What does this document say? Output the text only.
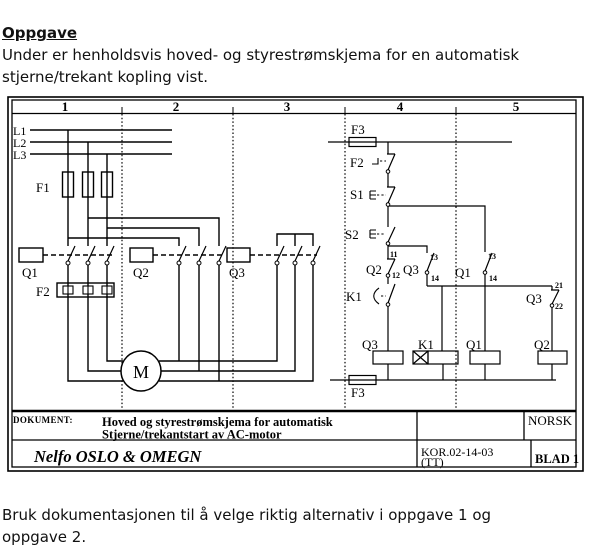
Oppgave
Under er henholdsvis hoved- og styrestrømskjema for en automatisk
stjerne/trekant kopling vist.
1	2	3	4	5
L1
L2
L3
F1
Q1	Q2	Q3
F2
M
F3
F2
S1
S2
Q2 Q3	Q1
K1	Q3
Q3	K1 Q1	Q2
F3
11
12
13
14
13
14
21
22
DOKUMENT: Hoved og styrestrømskjema for automatisk
Stjerne/trekantstart av AC-motor
NORSK
Nelfo OSLO & OMEGN	KOR.02-14-03
(TT)	BLAD 1
Bruk dokumentasjonen til å velge riktig alternativ i oppgave 1 og
oppgave 2.
